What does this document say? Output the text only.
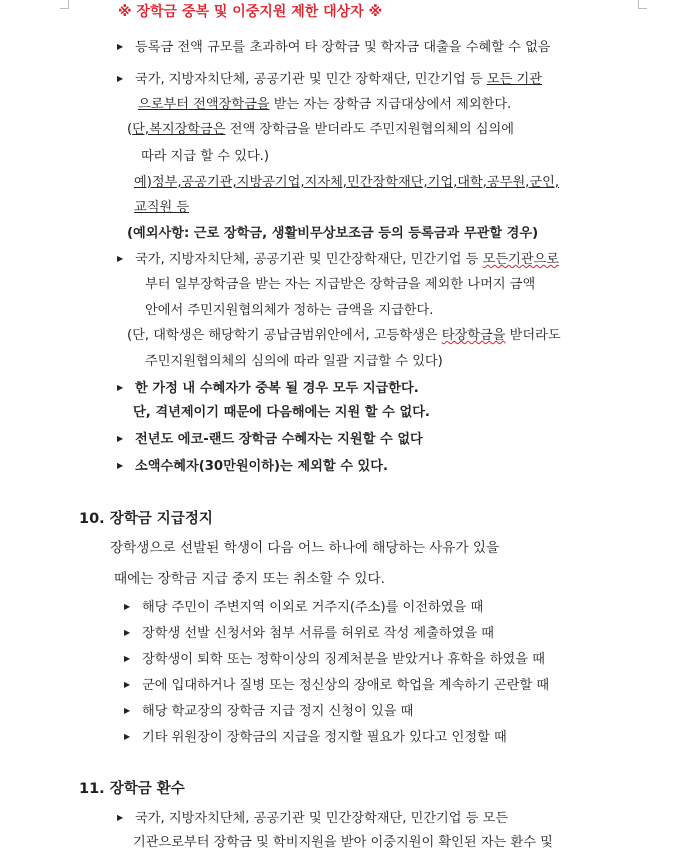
※ 장학금 중복 및 이중지원 제한 대상자 ※
▶ 등록금 전액 규모를 초과하여 타 장학금 및 학자금 대출을 수혜할 수 없음
▶ 국가, 지방자치단체, 공공기관 및 민간 장학재단, 민간기업 등 모든 기관
으로부터 전액장학금을 받는 자는 장학금 지급대상에서 제외한다.
(단,복지장학금은 전액 장학금을 받더라도 주민지원협의체의 심의에
따라 지급 할 수 있다.)
예)정부,공공기관,지방공기업,지자체,민간장학재단,기업,대학,공무원,군인,
교직원 등
(예외사항: 근로 장학금, 생활비무상보조금 등의 등록금과 무관할 경우)
▶ 국가, 지방자치단체, 공공기관 및 민간장학재단, 민간기업 등 모든기관으로
부터 일부장학금을 받는 자는 지급받은 장학금을 제외한 나머지 금액
안에서 주민지원협의체가 정하는 금액을 지급한다.
(단, 대학생은 해당학기 공납금범위안에서, 고등학생은 타장학금을 받더라도
주민지원협의체의 심의에 따라 일괄 지급할 수 있다)
▶ 한 가정 내 수혜자가 중복 될 경우 모두 지급한다.
단, 격년제이기 때문에 다음해에는 지원 할 수 없다.
▶ 전년도 에코-랜드 장학금 수혜자는 지원할 수 없다
▶ 소액수혜자(30만원이하)는 제외할 수 있다.
10. 장학금 지급정지
장학생으로 선발된 학생이 다음 어느 하나에 해당하는 사유가 있을
때에는 장학금 지급 중지 또는 취소할 수 있다.
▶ 해당 주민이 주변지역 이외로 거주지(주소)를 이전하였을 때
▶ 장학생 선발 신청서와 첨부 서류를 허위로 작성 제출하였을 때
▶ 장학생이 퇴학 또는 정학이상의 징계처분을 받았거나 휴학을 하였을 때
▶ 군에 입대하거나 질병 또는 정신상의 장애로 학업을 계속하기 곤란할 때
▶ 해당 학교장의 장학금 지급 정지 신청이 있을 때
▶ 기타 위원장이 장학금의 지급을 정지할 필요가 있다고 인정할 때
11. 장학금 환수
▶ 국가, 지방자치단체, 공공기관 및 민간장학재단, 민간기업 등 모든
기관으로부터 장학금 및 학비지원을 받아 이중지원이 확인된 자는 환수 및
